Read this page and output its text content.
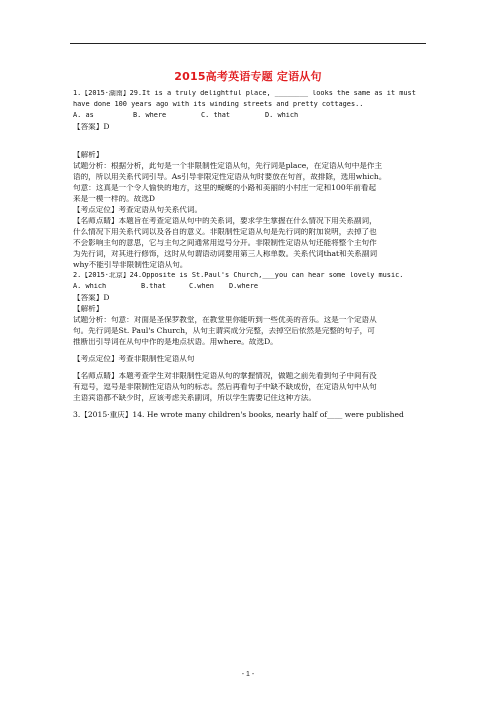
2015高考英语专题 定语从句
1.【2015·湖南】29.It is a truly delightful place, ________ looks the same as it must
have done 100 years ago with its winding streets and pretty cottages..
A. as	B. where	C. that	D. which
【答案】D
【解析】
试题分析：根据分析，此句是一个非限制性定语从句，先行词是place，在定语从句中是作主
语的，所以用关系代词引导。As引导非限定性定语从句时要放在句首，故排除，选用which。
句意：这真是一个令人愉快的地方，这里的蜿蜒的小路和美丽的小村庄一定和100年前看起
来是一模一样的。故选D
【考点定位】考查定语从句关系代词。
【名师点睛】本题旨在考查定语从句中的关系词，要求学生掌握在什么情况下用关系副词，
什么情况下用关系代词以及各自的意义。非限制性定语从句是先行词的附加说明，去掉了也
不会影响主句的意思，它与主句之间通常用逗号分开。非限制性定语从句还能将整个主句作
为先行词，对其进行修饰，这时从句谓语动词要用第三人称单数。关系代词that和关系副词
why不能引导非限制性定语从句。
2.【2015·北京】24.Opposite is St.Paul's Church,___you can hear some lovely music.
A. which	B.that	C.when	D.where
【答案】D
【解析】
试题分析：句意：对面是圣保罗教堂，在教堂里你能听到一些优美的音乐。这是一个定语从
句。先行词是St. Paul's Church，从句主谓宾成分完整，去掉空后依然是完整的句子，可
推断出引导词在从句中作的是地点状语。用where。故选D。
【考点定位】考查非限制性定语从句
【名师点睛】本题考查学生对非限制性定语从句的掌握情况，做题之前先看到句子中间有没
有逗号，逗号是非限制性定语从句的标志。然后再看句子中缺不缺成份，在定语从句中从句
主语宾语都不缺少时，应该考虑关系副词，所以学生需要记住这种方法。
3.【2015·重庆】14. He wrote many children's books, nearly half of____ were published
- 1 -
